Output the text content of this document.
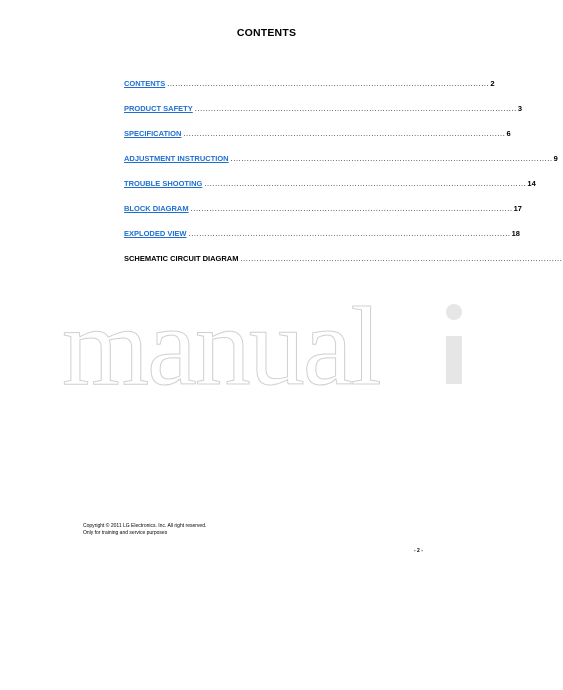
CONTENTS
CONTENTS ........................................................................................................................ 2
PRODUCT SAFETY ........................................................................................................................ 3
SPECIFICATION ........................................................................................................................ 6
ADJUSTMENT INSTRUCTION ........................................................................................................................ 9
TROUBLE SHOOTING ........................................................................................................................ 14
BLOCK DIAGRAM ........................................................................................................................ 17
EXPLODED VIEW ........................................................................................................................ 18
SCHEMATIC CIRCUIT DIAGRAM ........................................................................................................................
manual
Copyright © 2011 LG Electronics. Inc. All right reserved.
Only for training and service purposes
- 2 -
